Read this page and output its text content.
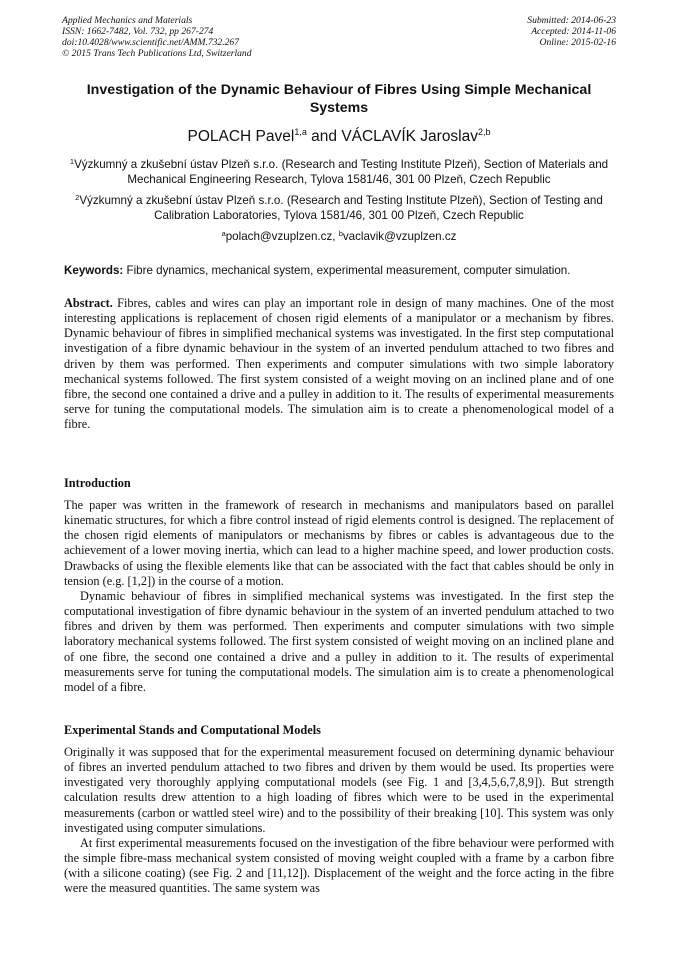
Applied Mechanics and Materials
ISSN: 1662-7482, Vol. 732, pp 267-274
doi:10.4028/www.scientific.net/AMM.732.267
© 2015 Trans Tech Publications Ltd, Switzerland
Submitted: 2014-06-23
Accepted: 2014-11-06
Online: 2015-02-16
Investigation of the Dynamic Behaviour of Fibres Using Simple Mechanical Systems
POLACH Pavel$^{1,a}$ and VÁCLAVÍK Jaroslav$^{2,b}$
$^1$Výzkumný a zkušební ústav Plzeň s.r.o. (Research and Testing Institute Plzeň), Section of Materials and Mechanical Engineering Research, Tylova 1581/46, 301 00 Plzeň, Czech Republic
$^2$Výzkumný a zkušební ústav Plzeň s.r.o. (Research and Testing Institute Plzeň), Section of Testing and Calibration Laboratories, Tylova 1581/46, 301 00 Plzeň, Czech Republic
$^a$polach@vzuplzen.cz, $^b$vaclavik@vzuplzen.cz
Keywords: Fibre dynamics, mechanical system, experimental measurement, computer simulation.
Abstract. Fibres, cables and wires can play an important role in design of many machines. One of the most interesting applications is replacement of chosen rigid elements of a manipulator or a mechanism by fibres. Dynamic behaviour of fibres in simplified mechanical systems was investigated. In the first step computational investigation of a fibre dynamic behaviour in the system of an inverted pendulum attached to two fibres and driven by them was performed. Then experiments and computer simulations with two simple laboratory mechanical systems followed. The first system consisted of a weight moving on an inclined plane and of one fibre, the second one contained a drive and a pulley in addition to it. The results of experimental measurements serve for tuning the computational models. The simulation aim is to create a phenomenological model of a fibre.
Introduction

The paper was written in the framework of research in mechanisms and manipulators based on parallel kinematic structures, for which a fibre control instead of rigid elements control is designed. The replacement of the chosen rigid elements of manipulators or mechanisms by fibres or cables is advantageous due to the achievement of a lower moving inertia, which can lead to a higher machine speed, and lower production costs. Drawbacks of using the flexible elements like that can be associated with the fact that cables should be only in tension (e.g. [1,2]) in the course of a motion.

Dynamic behaviour of fibres in simplified mechanical systems was investigated. In the first step the computational investigation of fibre dynamic behaviour in the system of an inverted pendulum attached to two fibres and driven by them was performed. Then experiments and computer simulations with two simple laboratory mechanical systems followed. The first system consisted of weight moving on an inclined plane and of one fibre, the second one contained a drive and a pulley in addition to it. The results of experimental measurements serve for tuning the computational models. The simulation aim is to create a phenomenological model of a fibre.

Experimental Stands and Computational Models

Originally it was supposed that for the experimental measurement focused on determining dynamic behaviour of fibres an inverted pendulum attached to two fibres and driven by them would be used. Its properties were investigated very thoroughly applying computational models (see Fig. 1 and [3,4,5,6,7,8,9]). But strength calculation results drew attention to a high loading of fibres which were to be used in the experimental measurements (carbon or wattled steel wire) and to the possibility of their breaking [10]. This system was only investigated using computer simulations.

At first experimental measurements focused on the investigation of the fibre behaviour were performed with the simple fibre-mass mechanical system consisted of moving weight coupled with a frame by a carbon fibre (with a silicone coating) (see Fig. 2 and [11,12]). Displacement of the weight and the force acting in the fibre were the measured quantities. The same system was
